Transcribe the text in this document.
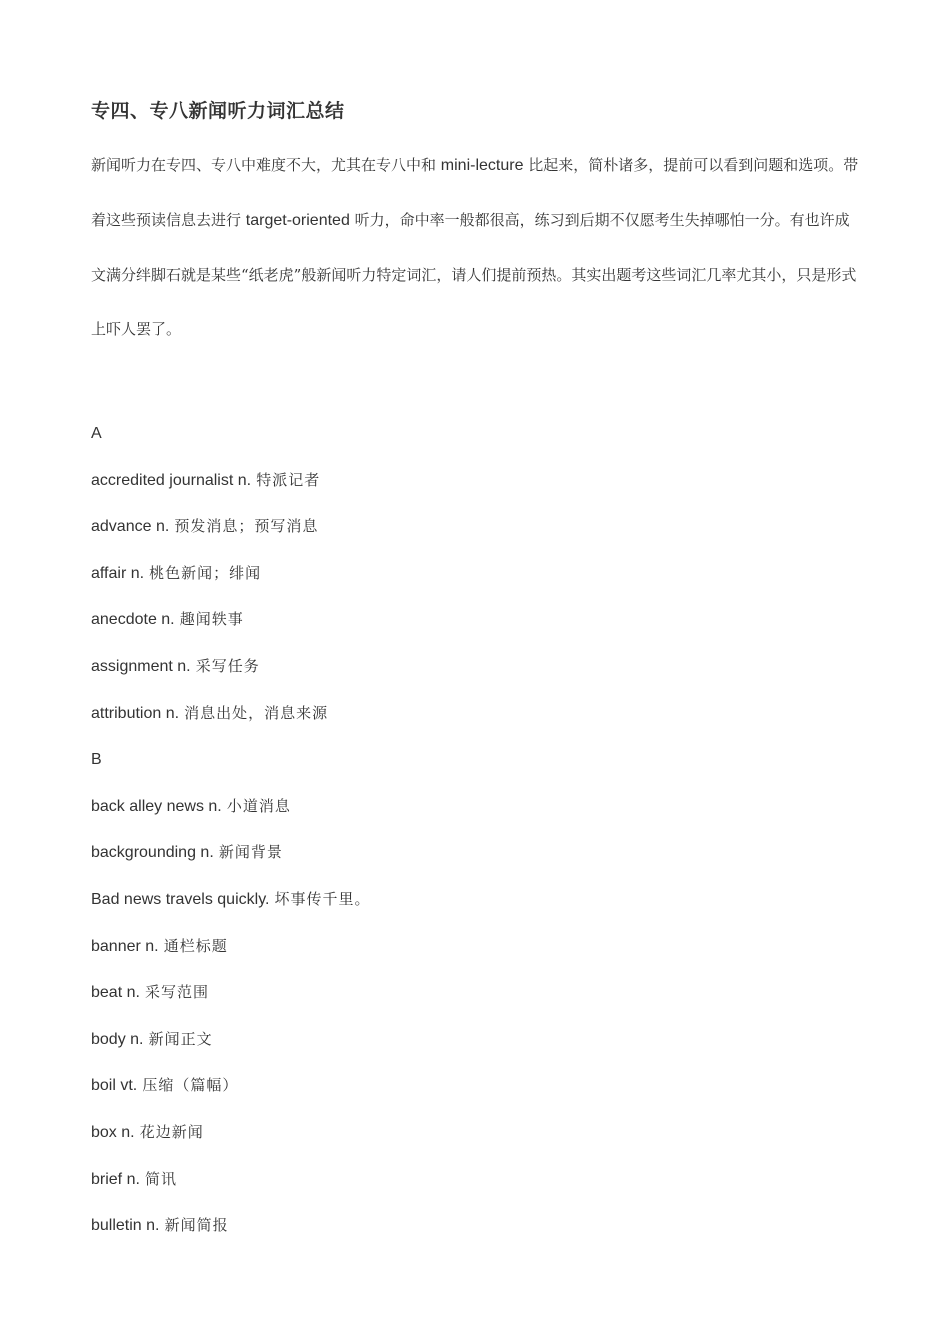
专四、专八新闻听力词汇总结

新闻听力在专四、专八中难度不大，尤其在专八中和 mini-lecture 比起来，简朴诸多，提前可以看到问题和选项。带着这些预读信息去进行 target-oriented 听力，命中率一般都很高，练习到后期不仅愿考生失掉哪怕一分。有也许成文满分绊脚石就是某些“纸老虎”般新闻听力特定词汇，请人们提前预热。其实出题考这些词汇几率尤其小，只是形式上吓人罢了。

A
accredited journalist n. 特派记者
advance n. 预发消息；预写消息
affair n. 桃色新闻；绯闻
anecdote n. 趣闻轶事
assignment n. 采写任务
attribution n. 消息出处，消息来源
B
back alley news n. 小道消息
backgrounding n. 新闻背景
Bad news travels quickly. 坏事传千里。
banner n. 通栏标题
beat n. 采写范围
body n. 新闻正文
boil vt. 压缩（篇幅）
box n. 花边新闻
brief n. 简讯
bulletin n. 新闻简报
